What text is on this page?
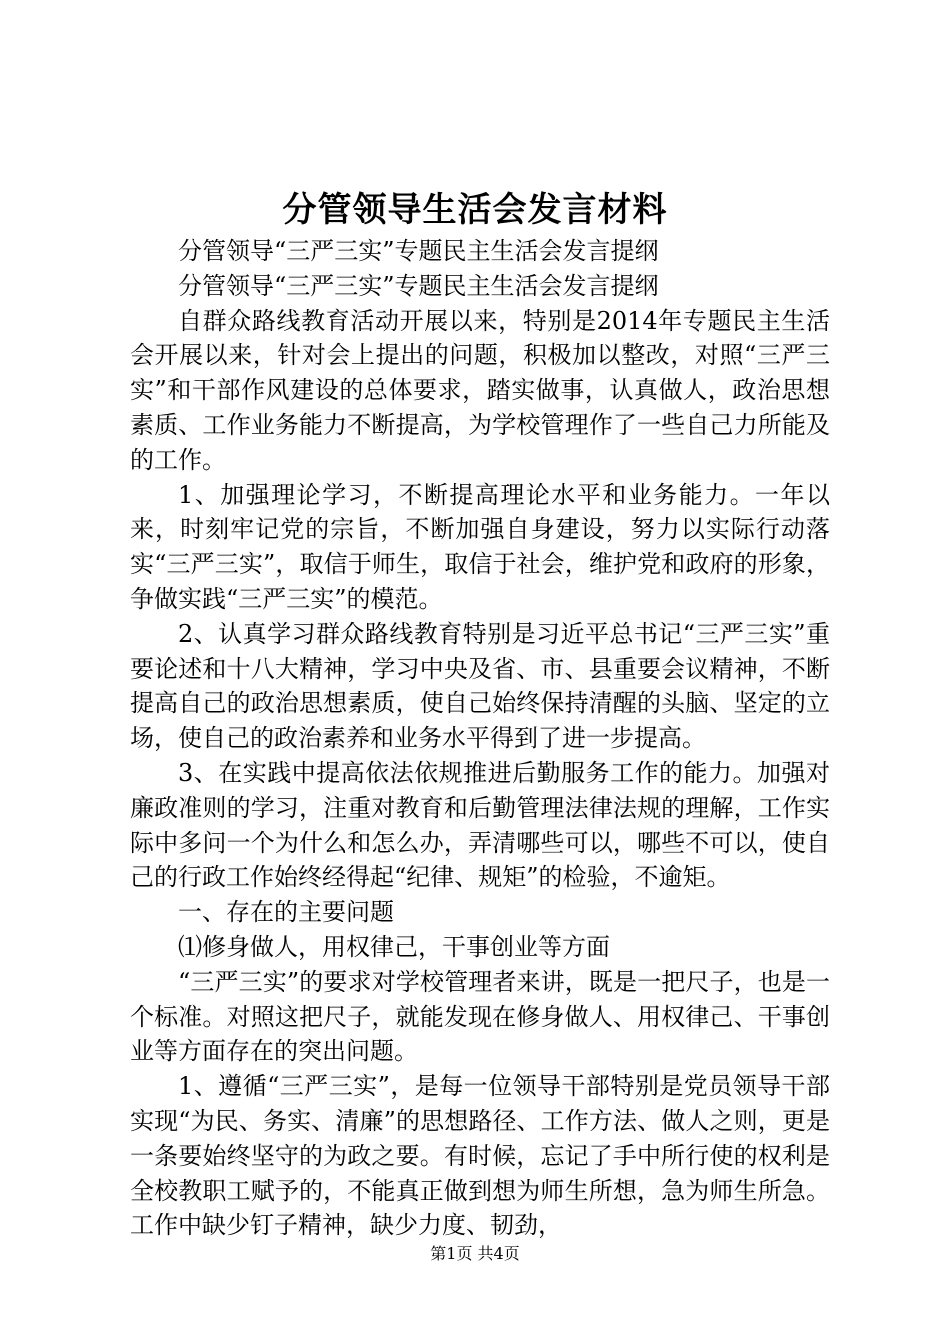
分管领导生活会发言材料

分管领导“三严三实”专题民主生活会发言提纲

分管领导“三严三实”专题民主生活会发言提纲

自群众路线教育活动开展以来，特别是2014年专题民主生活会开展以来，针对会上提出的问题，积极加以整改，对照“三严三实”和干部作风建设的总体要求，踏实做事，认真做人，政治思想素质、工作业务能力不断提高，为学校管理作了一些自己力所能及的工作。

1、加强理论学习，不断提高理论水平和业务能力。一年以来，时刻牢记党的宗旨，不断加强自身建设，努力以实际行动落实“三严三实”，取信于师生，取信于社会，维护党和政府的形象，争做实践“三严三实”的模范。

2、认真学习群众路线教育特别是习近平总书记“三严三实”重要论述和十八大精神，学习中央及省、市、县重要会议精神，不断提高自己的政治思想素质，使自己始终保持清醒的头脑、坚定的立场，使自己的政治素养和业务水平得到了进一步提高。

3、在实践中提高依法依规推进后勤服务工作的能力。加强对廉政准则的学习，注重对教育和后勤管理法律法规的理解，工作实际中多问一个为什么和怎么办，弄清哪些可以，哪些不可以，使自己的行政工作始终经得起“纪律、规矩”的检验，不逾矩。

一、存在的主要问题

⑴修身做人，用权律己，干事创业等方面

“三严三实”的要求对学校管理者来讲，既是一把尺子，也是一个标准。对照这把尺子，就能发现在修身做人、用权律己、干事创业等方面存在的突出问题。

1、遵循“三严三实”，是每一位领导干部特别是党员领导干部实现“为民、务实、清廉”的思想路径、工作方法、做人之则，更是一条要始终坚守的为政之要。有时候，忘记了手中所行使的权利是全校教职工赋予的，不能真正做到想为师生所想，急为师生所急。工作中缺少钉子精神，缺少力度、韧劲，

第1页 共4页
